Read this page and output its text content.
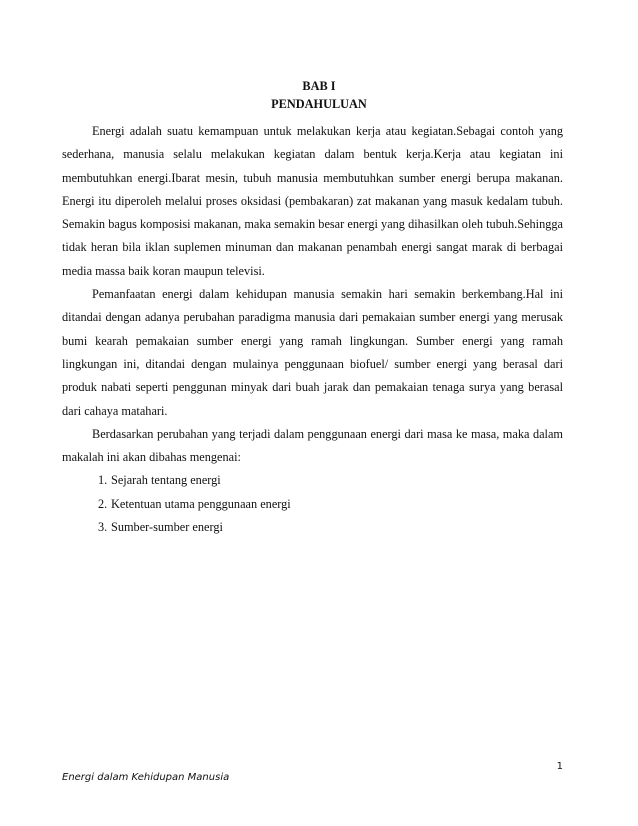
BAB I
PENDAHULUAN

Energi adalah suatu kemampuan untuk melakukan kerja atau kegiatan.Sebagai contoh yang sederhana, manusia selalu melakukan kegiatan dalam bentuk kerja.Kerja atau kegiatan ini membutuhkan energi.Ibarat mesin, tubuh manusia membutuhkan sumber energi berupa makanan. Energi itu diperoleh melalui proses oksidasi (pembakaran) zat makanan yang masuk kedalam tubuh. Semakin bagus komposisi makanan, maka semakin besar energi yang dihasilkan oleh tubuh.Sehingga tidak heran bila iklan suplemen minuman dan makanan penambah energi sangat marak di berbagai media massa baik koran maupun televisi.

Pemanfaatan energi dalam kehidupan manusia semakin hari semakin berkembang.Hal ini ditandai dengan adanya perubahan paradigma manusia dari pemakaian sumber energi yang merusak bumi kearah pemakaian sumber energi yang ramah lingkungan. Sumber energi yang ramah lingkungan ini, ditandai dengan mulainya penggunaan biofuel/ sumber energi yang berasal dari produk nabati seperti penggunan minyak dari buah jarak dan pemakaian tenaga surya yang berasal dari cahaya matahari.

Berdasarkan perubahan yang terjadi dalam penggunaan energi dari masa ke masa, maka dalam makalah ini akan dibahas mengenai:

1. Sejarah tentang energi
2. Ketentuan utama penggunaan energi
3. Sumber-sumber energi
1
Energi dalam Kehidupan Manusia
